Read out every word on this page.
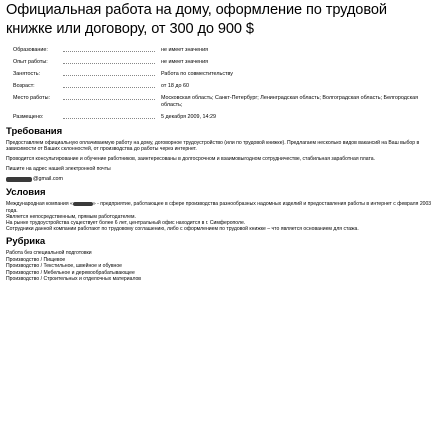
Официальная работа на дому, оформление по трудовой книжке или договору, от 300 до 900 $
Образование:	не имеет значения
Опыт работы:	не имеет значения
Занятость:	Работа по совместительству
Возраст:	от 18 до 60
Место работы:	Московская область; Санкт-Петербург; Ленинградская область; Волгоградская область; Белгородская область;
Размещено:	5 декабря 2009, 14:29
Требования

Предоставляем официальную оплачиваемую работу на дому, договорное трудоустройство (или по трудовой книжке). Предлагаем несколько видов вакансий на Ваш выбор в зависимости от Ваших склонностей, от производства до работы через интернет.

Проводится консультирование и обучение работников, заинтересованы в долгосрочном и взаимовыгодном сотрудничестве, стабильная заработная плата.

Пишите на адрес нашей электронной почты

@gmail.com
Условия
Международная компания «	» - предприятие, работающее в сфере производства разнообразных надомных изделий и предоставления работы в интернет с февраля 2003 года.
Является непосредственным, прямым работодателем.
На рынке трудоустройства существует более 6 лет, центральный офис находится в г. Симферополе.
Сотрудники данной компании работают по трудовому соглашению, либо с оформлением по трудовой книжке – что является основанием для стажа.
Рубрика
Работа без специальной подготовки
Производство / Пищевое
Производство / Текстильное, швейное и обувное
Производство / Мебельное и деревообрабатывающее
Производство / Строительных и отделочных материалов
